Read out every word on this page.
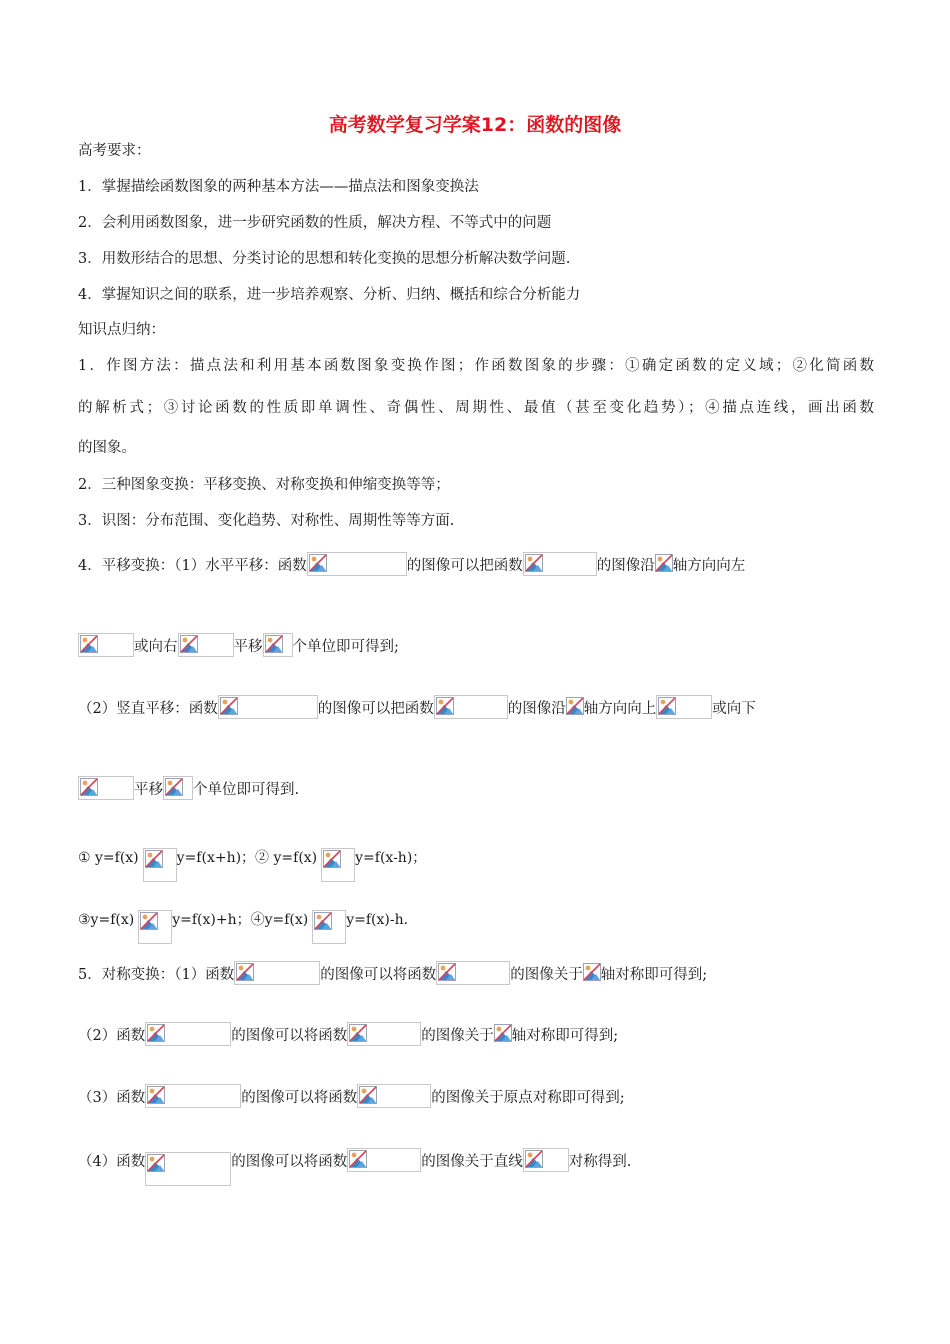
高考数学复习学案12：函数的图像
高考要求：
1．掌握描绘函数图象的两种基本方法——描点法和图象变换法
2．会利用函数图象，进一步研究函数的性质，解决方程、不等式中的问题
3．用数形结合的思想、分类讨论的思想和转化变换的思想分析解决数学问题.
4．掌握知识之间的联系，进一步培养观察、分析、归纳、概括和综合分析能力
知识点归纳：
1．作图方法：描点法和利用基本函数图象变换作图；作函数图象的步骤：①确定函数的定义域；②化简函数
的解析式；③讨论函数的性质即单调性、奇偶性、周期性、最值（甚至变化趋势）；④描点连线，画出函数
的图象。
2．三种图象变换：平移变换、对称变换和伸缩变换等等；
3．识图：分布范围、变化趋势、对称性、周期性等等方面.
4．平移变换：（1）水平平移：函数	的图像可以把函数	的图像沿 轴方向向左
或向右	平移 个单位即可得到;
（2）竖直平移：函数	的图像可以把函数	的图像沿 轴方向向上	或向下
平移 个单位即可得到.
① y=f(x)	y=f(x+h)；② y=f(x)	y=f(x-h)；
③y=f(x)	y=f(x)+h；④y=f(x)	y=f(x)-h.
5．对称变换：（1）函数	的图像可以将函数	的图像关于 轴对称即可得到;
（2）函数	的图像可以将函数	的图像关于 轴对称即可得到;
（3）函数	的图像可以将函数	的图像关于原点对称即可得到;
（4）函数	的图像可以将函数	的图像关于直线	对称得到.
